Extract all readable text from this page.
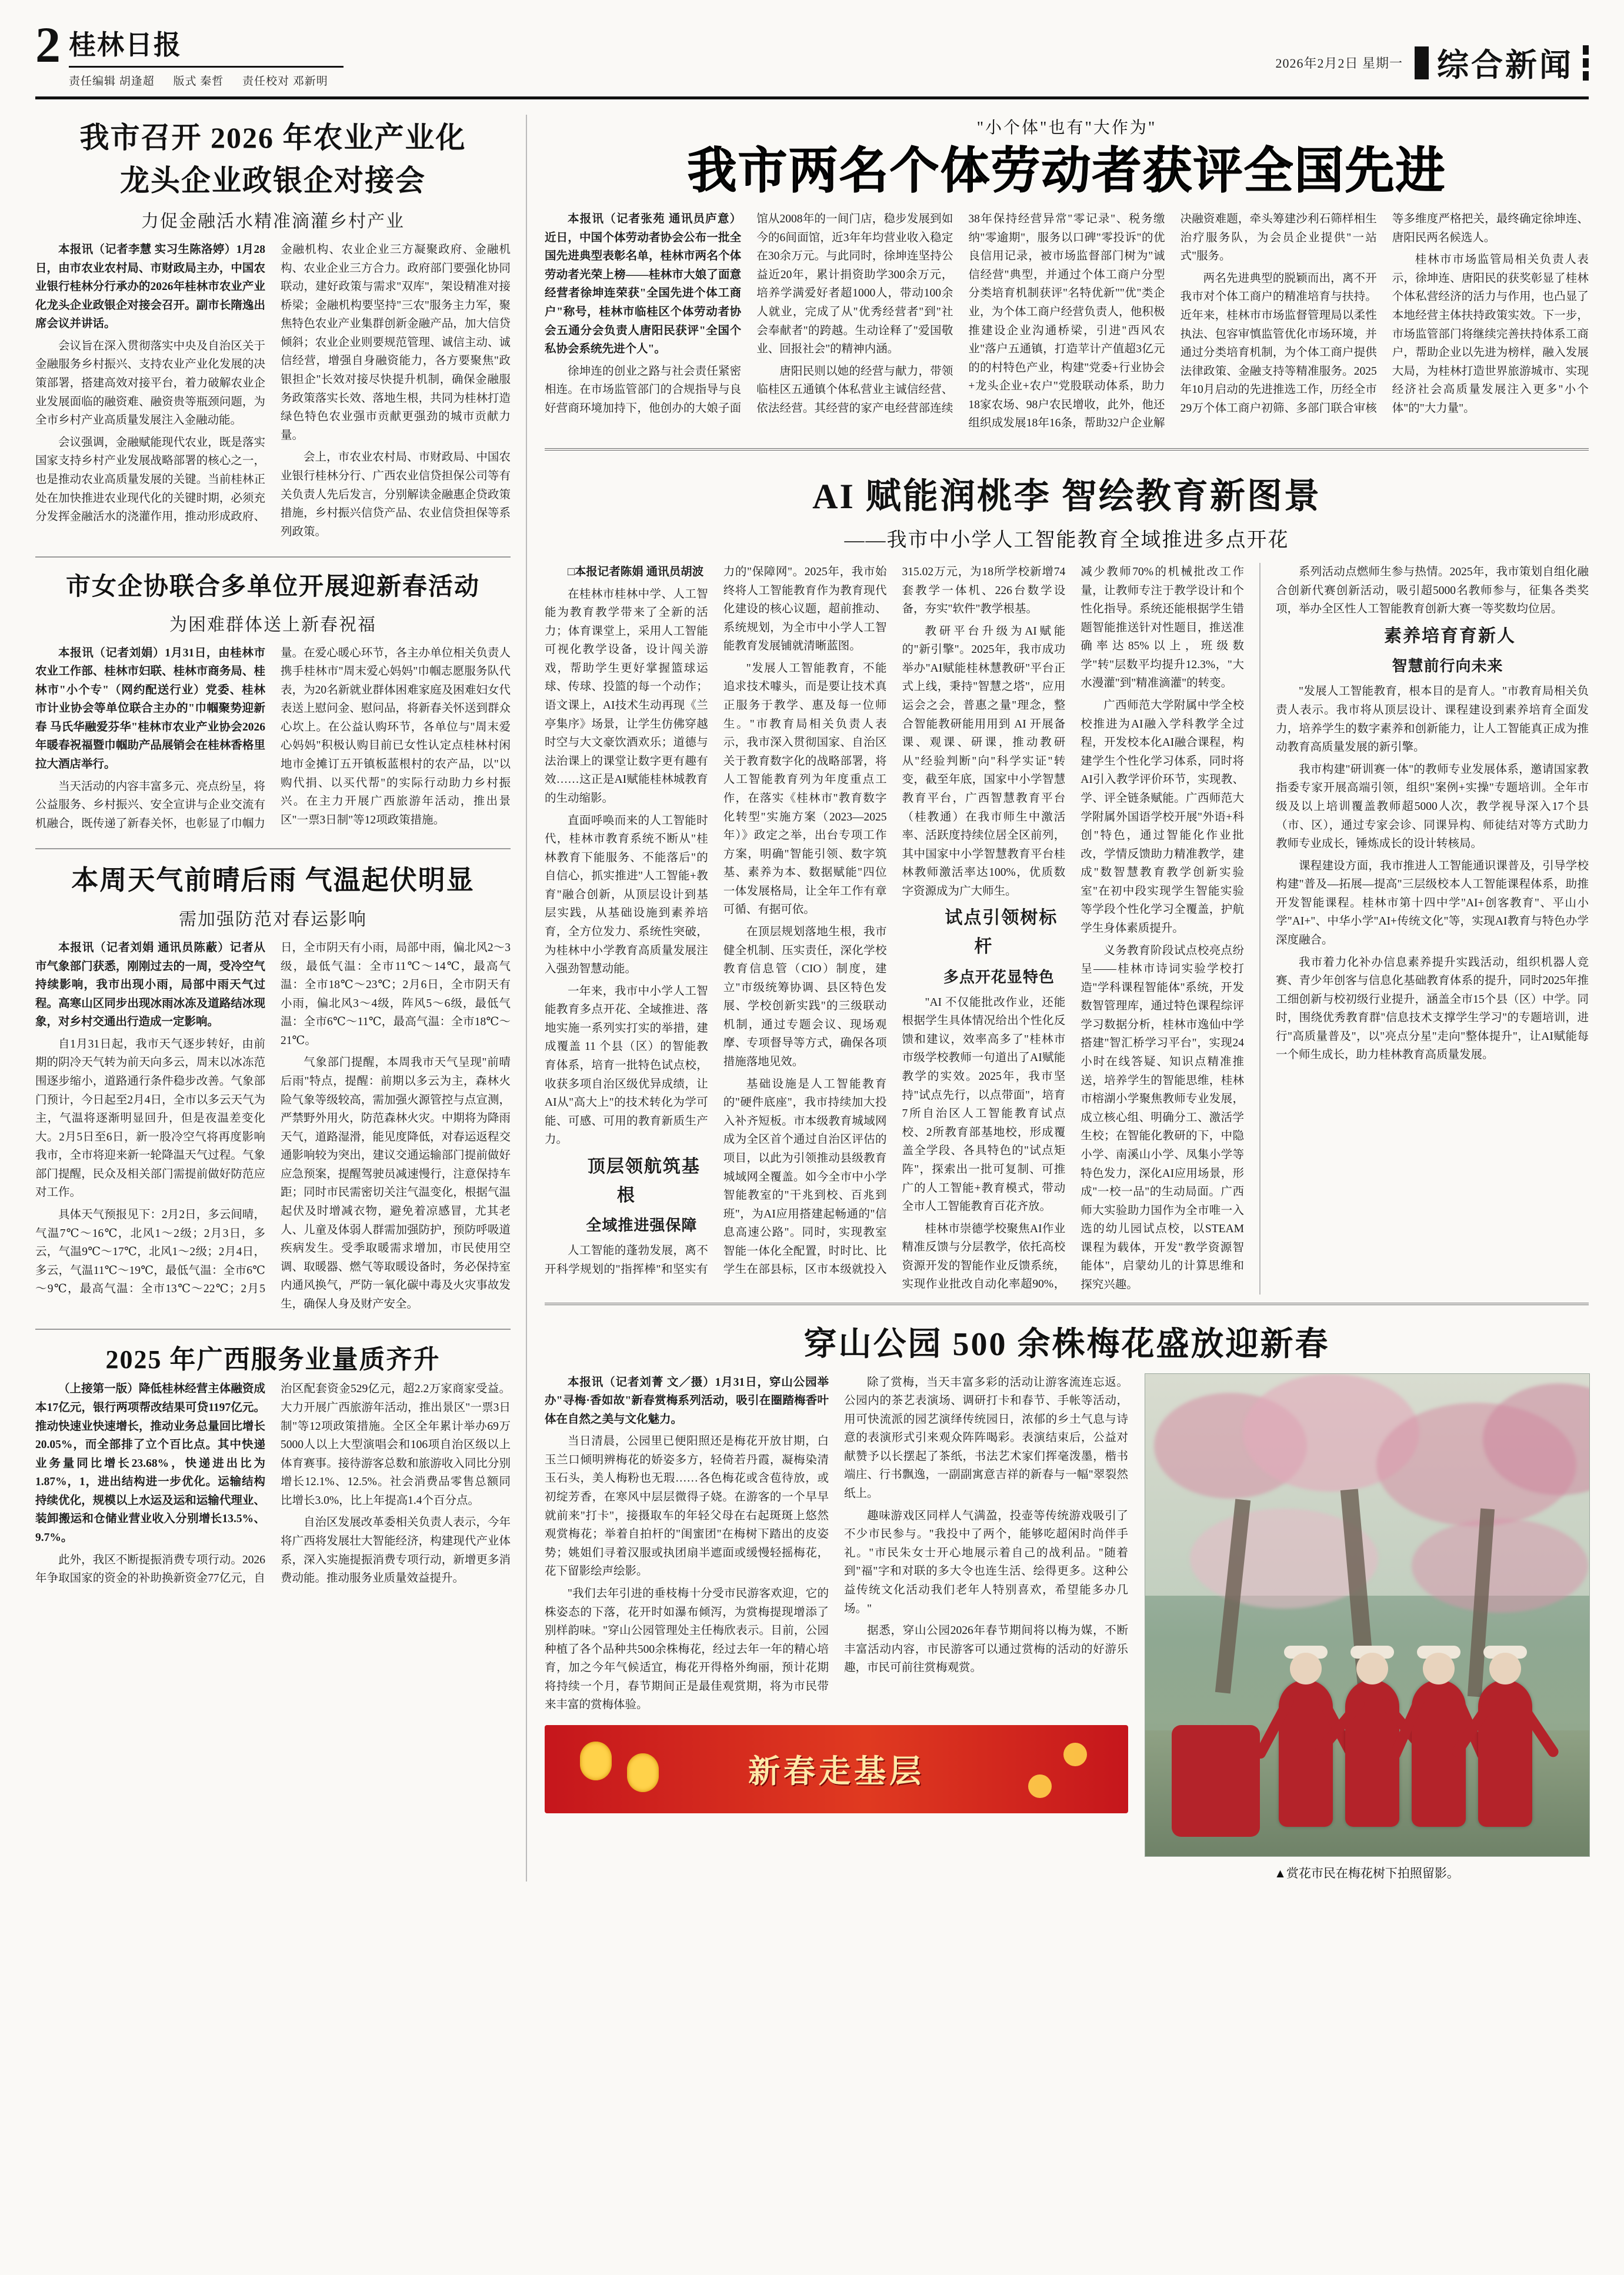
2 桂林日报
责任编辑 胡逢超 版式 秦哲 责任校对 邓新明
2026年2月2日 星期一 综合新闻
我市召开 2026 年农业产业化
龙头企业政银企对接会
力促金融活水精准滴灌乡村产业

本报讯（记者李慧 实习生陈洛婷）1月28日，由市农业农村局、市财政局主办，中国农业银行桂林分行承办的2026年桂林市农业产业化龙头企业政银企对接会召开。副市长隋逸出席会议并讲话。

会议旨在深入贯彻落实中央及自治区关于金融服务乡村振兴、支持农业产业化发展的决策部署，搭建高效对接平台，着力破解农业企业发展面临的融资难、融资贵等瓶颈问题，为全市乡村产业高质量发展注入金融动能。

会议强调，金融赋能现代农业，既是落实国家支持乡村产业发展战略部署的核心之一，也是推动农业高质量发展的关键。当前桂林正处在加快推进农业现代化的关键时期，必须充分发挥金融活水的浇灌作用，推动形成政府、金融机构、农业企业三方凝聚政府、金融机构、农业企业三方合力。政府部门要强化协同联动，建好政策与需求"双库"，架设精准对接桥梁；金融机构要坚持"三农"服务主力军，聚焦特色农业产业集群创新金融产品，加大信贷倾斜；农业企业则要规范管理、诚信主动、诚信经营，增强自身融资能力，各方要聚焦"政银担企"长效对接尽快提升机制，确保金融服务政策落实长效、落地生根，共同为桂林打造绿色特色农业强市贡献更强劲的城市贡献力量。

会上，市农业农村局、市财政局、中国农业银行桂林分行、广西农业信贷担保公司等有关负责人先后发言，分别解读金融惠企贷政策措施，乡村振兴信贷产品、农业信贷担保等系列政策。

市女企协联合多单位开展迎新春活动
为困难群体送上新春祝福

本报讯（记者刘娟）1月31日，由桂林市农业工作部、桂林市妇联、桂林市商务局、桂林市"小个专"（网约配送行业）党委、桂林市计业协会等单位联合主办的"巾帼聚势迎新春 马氏华融爱芬华"桂林市农业产业协会2026年暖春祝福暨巾帼助产品展销会在桂林香格里拉大酒店举行。

当天活动的内容丰富多元、亮点纷呈，将公益服务、乡村振兴、安全宣讲与企业交流有机融合，既传递了新春关怀，也彰显了巾帼力量。在爱心暖心环节，各主办单位相关负责人携手桂林市"周末爱心妈妈"巾帼志愿服务队代表，为20名新就业群体困难家庭及困难妇女代表送上慰问金、慰问品，将新春关怀送到群众心坎上。在公益认购环节，各单位与"周末爱心妈妈"积极认购目前已女性认定点桂林村闲地市金摊订五开镇板蓝根村的农产品，以"以购代捐、以买代帮"的实际行动助力乡村振兴。在主力开展广西旅游年活动，推出景区"一票3日制"等12项政策措施。

本周天气前晴后雨 气温起伏明显
需加强防范对春运影响

本报讯（记者刘娟 通讯员陈蔽）记者从市气象部门获悉，刚刚过去的一周，受冷空气持续影响，我市出现小雨，局部中雨天气过程。高寒山区同步出现冰雨冰冻及道路结冰现象，对乡村交通出行造成一定影响。

自1月31日起，我市天气逐步转好，由前期的阴冷天气转为前天向多云，周末以冰冻范围逐步缩小，道路通行条件稳步改善。气象部门预计，今日起至2月4日，全市以多云天气为主，气温将逐渐明显回升，但是夜温差变化大。2月5日至6日，新一股冷空气将再度影响我市，全市将迎来新一轮降温天气过程。气象部门提醒，民众及相关部门需提前做好防范应对工作。

具体天气预报见下：2月2日，多云间晴，气温7℃～16℃，北风1～2级；2月3日，多云，气温9℃～17℃，北风1～2级；2月4日，多云，气温11℃～19℃，最低气温：全市6℃～9℃，最高气温：全市13℃～22℃；2月5日，全市阴天有小雨，局部中雨，偏北风2～3级，最低气温：全市11℃～14℃，最高气温：全市18℃～23℃；2月6日，全市阴天有小雨，偏北风3～4级，阵风5～6级，最低气温：全市6℃～11℃，最高气温：全市18℃～21℃。

气象部门提醒，本周我市天气呈现"前晴后雨"特点，提醒：前期以多云为主，森林火险气象等级较高，需加强火源管控与点宣测，严禁野外用火，防范森林火灾。中期将为降雨天气，道路湿滑，能见度降低，对春运返程交通影响较为突出，建议交通运输部门提前做好应急预案，提醒驾驶员减速慢行，注意保持车距；同时市民需密切关注气温变化，根据气温起伏及时增减衣物，避免着凉感冒，尤其老人、儿童及体弱人群需加强防护，预防呼吸道疾病发生。受季取暖需求增加，市民使用空调、取暖器、燃气等取暖设备时，务必保持室内通风换气，严防一氧化碳中毒及火灾事故发生，确保人身及财产安全。

2025 年广西服务业量质齐升

（上接第一版）降低桂林经营主体融资成本17亿元，银行两项帮改结果可贷1197亿元。推动快速业快速增长，推动业务总量回比增长20.05%，而全部排了立个百比点。其中快递业务量同比增长23.68%，快递进出比为1.87%，1，进出结构进一步优化。运输结构持续优化，规模以上水运及运和运输代理业、装卸搬运和仓储业营业收入分别增长13.5%、9.7%。

此外，我区不断提振消费专项行动。2026年争取国家的资金的补助换新资金77亿元，自治区配套资金529亿元，超2.2万家商家受益。大力开展广西旅游年活动，推出景区"一票3日制"等12项政策措施。全区全年累计举办69万5000人以上大型演唱会和106项自治区级以上体育赛事。接待游客总数和旅游收入同比分别增长12.1%、12.5%。社会消费品零售总额同比增长3.0%，比上年提高1.4个百分点。

自治区发展改革委相关负责人表示，今年将广西将发展壮大智能经济，构建现代产业体系，深入实施提振消费专项行动，新增更多消费动能。推动服务业质量效益提升。

"小个体"也有"大作为"
我市两名个体劳动者获评全国先进

本报讯（记者张苑 通讯员庐意）近日，中国个体劳动者协会公布一批全国先进典型表彰名单，桂林市两名个体劳动者光荣上榜——桂林市大娘了面意经营者徐坤连荣获"全国先进个体工商户"称号，桂林市临桂区个体劳动者协会五通分会负责人唐阳民获评"全国个私协会系统先进个人"。

徐坤连的创业之路与社会责任紧密相连。在市场监管部门的合规指导与良好营商环境加持下，他创办的大娘子面馆从2008年的一间门店，稳步发展到如今的6间面馆，近3年年均营业收入稳定在30余万元。与此同时，徐坤连坚持公益近20年，累计捐资助学300余万元，培养学满爱好者超1000人，带动100余人就业，完成了从"优秀经营者"到"社会奉献者"的跨越。生动诠释了"爱国敬业、回报社会"的精神内涵。

唐阳民则以她的经营与献力，带领临桂区五通镇个体私营业主诚信经营、依法经营。其经营的家产电经营部连续38年保持经营异常"零记录"、税务缴纳"零逾期"，服务以口碑"零投诉"的优良信用记录，被市场监督部门树为"诚信经营"典型，并通过个体工商户分型分类培育机制获评"名特优新""优"类企业，为个体工商户经营负责人，他积极推建设企业沟通桥梁，引进"西风农业"落户五通镇，打造苹计产值超3亿元的的村特色产业，构建"党委+行业协会+龙头企业+农户"党股联动体系，助力18家农场、98户农民增收，此外，他还组织成发展18年16条，帮助32户企业解决融资难题，牵头筹建沙利石筛样相生治疗服务队，为会员企业提供"一站式"服务。

两名先进典型的脱颖而出，离不开我市对个体工商户的精准培育与扶持。近年来，桂林市市场监督管理局以柔性执法、包容审慎监管优化市场环境，并通过分类培育机制，为个体工商户提供法律政策、金融支持等精准服务。2025年10月启动的先进推选工作，历经全市29万个体工商户初筛、多部门联合审核等多维度严格把关，最终确定徐坤连、唐阳民两名候选人。

桂林市市场监管局相关负责人表示，徐坤连、唐阳民的获奖彰显了桂林个体私营经济的活力与作用，也凸显了本地经营主体扶持政策实效。下一步，市场监管部门将继续完善扶持体系工商户，帮助企业以先进为榜样，融入发展大局，为桂林打造世界旅游城市、实现经济社会高质量发展注入更多"小个体"的"大力量"。

AI 赋能润桃李 智绘教育新图景
——我市中小学人工智能教育全域推进多点开花

□本报记者陈娟 通讯员胡波

在桂林市桂林中学、人工智能为教育教学带来了全新的活力；体育课堂上，采用人工智能可视化教学设备，设计闯关游戏，帮助学生更好掌握篮球运球、传球、投篮的每一个动作；语文课上，AI技术生动再现《兰亭集序》场景，让学生仿佛穿越时空与大文豪饮酒欢乐；道德与法治课上的课堂让数字更有趣有效……这正是AI赋能桂林城教育的生动缩影。

直面呼唤而来的人工智能时代，桂林市教育系统不断从"桂林教育下能服务、不能落后"的自信心，抓实推进"人工智能+教育"融合创新，从顶层设计到基层实践，从基础设施到素养培育，全方位发力、系统性突破，为桂林中小学教育高质量发展注入强劲智慧动能。

一年来，我市中小学人工智能教育多点开花、全域推进、落地实施一系列实打实的举措，建成覆盖 11 个县（区）的智能教育体系，培育一批特色试点校，收获多项自治区级优异成绩，让AI从"高大上"的技术转化为学可能、可感、可用的教育新质生产力。

顶层领航筑基根

全域推进强保障

人工智能的蓬勃发展，离不开科学规划的"指挥棒"和坚实有力的"保障网"。2025年，我市始终将人工智能教育作为教育现代化建设的核心议题，超前推动、系统规划，为全市中小学人工智能教育发展铺就清晰蓝图。

"发展人工智能教育，不能追求技术噱头，而是要让技术真正服务于教学、惠及每一位师生。"市教育局相关负责人表示，我市深入贯彻国家、自治区关于教育数字化的战略部署，将人工智能教育列为年度重点工作，在落实《桂林市"教育数字化转型"实施方案（2023—2025年）》政定之举，出台专项工作方案，明确"智能引领、数字筑基、素养为本、数据赋能"四位一体发展格局，让全年工作有章可循、有据可依。

在顶层规划落地生根，我市健全机制、压实责任，深化学校教育信息管（CIO）制度，建立"市级统筹协调、县区特色发展、学校创新实践"的三级联动机制，通过专题会议、现场观摩、专项督导等方式，确保各项措施落地见效。

基础设施是人工智能教育的"硬件底座"，我市持续加大投入补齐短板。市本级教育城域网成为全区首个通过自治区评估的项目，以此为引领推动县级教育城域网全覆盖。如今全市中小学智能教室的"干兆到校、百兆到班"，为AI应用搭建起畅通的"信息高速公路"。同时，实现教室智能一体化全配置，时时比、比学生在部县标，区市本级就投入315.02万元，为18所学校新增74套教学一体机、226台数学设备，夯实"软件"教学根基。

教研平台升级为AI赋能的"新引擎"。2025年，我市成功举办"AI赋能桂林慧教研"平台正式上线，秉持"智慧之塔"，应用运会之会，普惠之量"理念，整合智能教研能用用到 AI 开展备课、观课、研课，推动教研从"经验判断"向"科学实证"转变，截至年底，国家中小学智慧教育平台，广西智慧教育平台（桂教通）在我市师生中激活率、活跃度持续位居全区前列，其中国家中小学智慧教育平台桂林教师激活率达100%，优质数字资源成为广大师生。

试点引领树标杆

多点开花显特色

"AI 不仅能批改作业，还能根据学生具体情况给出个性化反馈和建议，效率高多了"桂林市市级学校教师一句道出了AI赋能教学的实效。2025年，我市坚持"试点先行，以点带面"，培育7所自治区人工智能教育试点校、2所教育部基地校，形成覆盖全学段、各具特色的"试点矩阵"，探索出一批可复制、可推广的人工智能+教育模式，带动全市人工智能教育百花齐放。

桂林市崇德学校聚焦AI作业精准反馈与分层教学，依托高校资源开发的智能作业反馈系统，实现作业批改自动化率超90%，减少教师70%的机械批改工作量，让教师专注于教学设计和个性化指导。系统还能根据学生错题智能推送针对性题目，推送准确率达85%以上，班级数学"转"层数平均提升12.3%，"大水漫灌"到"精准滴灌"的转变。

广西师范大学附属中学全校校推进为AI融入学科教学全过程，开发校本化AI融合课程，构建学生个性化学习体系，同时将AI引入教学评价环节，实现教、学、评全链条赋能。广西师范大学附属外国语学校开展"外语+科创"特色，通过智能化作业批改，学情反馈助力精准教学，建成"数智慧教育教学创新实验室"在初中段实现学生智能实验等学段个性化学习全覆盖，护航学生身体素质提升。

义务教育阶段试点校亮点纷呈——桂林市诗词实验学校打造"学科课程智能体"系统，开发数智管理库，通过特色课程综评学习数据分析，桂林市逸仙中学搭建"智汇桥学习平台"，实现24小时在线答疑、知识点精准推送，培养学生的智能思维，桂林市榕湖小学聚焦教师专业发展，成立核心组、明确分工、激活学生校；在智能化教研的下，中隐小学、南溪山小学、凤集小学等特色发力，深化AI应用场景，形成"一校一品"的生动局面。广西师大实验助力国作为全市唯一入选的幼儿园试点校，以STEAM课程为载体，开发"教学资源智能体"，启蒙幼儿的计算思维和探究兴趣。

系列活动点燃师生参与热情。2025年，我市策划自组化融合创新代赛创新活动，吸引超5000名教师参与，征集各类奖项，举办全区性人工智能教育创新大赛一等奖数均位居。

素养培育育新人

智慧前行向未来

"发展人工智能教育，根本目的是育人。"市教育局相关负责人表示。我市将从顶层设计、课程建设到素养培育全面发力，培养学生的数字素养和创新能力，让人工智能真正成为推动教育高质量发展的新引擎。

我市构建"研训赛一体"的教师专业发展体系，邀请国家教指委专家开展高端引领，组织"案例+实操"专题培训。全年市级及以上培训覆盖教师超5000人次，教学视导深入17个县（市、区），通过专家会诊、同课异构、师徒结对等方式助力教师专业成长，锤炼成长的设计转核局。

课程建设方面，我市推进人工智能通识课普及，引导学校构建"普及—拓展—提高"三层级校本人工智能课程体系，助推开发智能课程。桂林市第十四中学"AI+创客教育"、平山小学"AI+"、中华小学"AI+传统文化"等，实现AI教育与特色办学深度融合。

我市着力化补办信息素养提升实践活动，组织机器人竞赛、青少年创客与信息化基础教育体系的提升，同时2025年推工细创新与校初级行业提升，涵盖全市15个县（区）中学。同时，围绕优秀教育群"信息技术支撑学生学习"的专题培训，进行"高质量普及"，以"亮点分星"走向"整体提升"，让AI赋能每一个师生成长，助力桂林教育高质量发展。

穿山公园 500 余株梅花盛放迎新春

本报讯（记者刘菁 文／摄）1月31日，穿山公园举办"寻梅·香如故"新春赏梅系列活动，吸引在圈踏梅香叶体在自然之美与文化魅力。

当日清晨，公园里已便阳照还是梅花开放甘期，白玉兰口倾明辨梅花的娇姿多方，轻倚若丹霞，凝梅染清玉石头，美人梅粉也无瑕……各色梅花或含苞待放，或初绽芳香，在寒风中层层微得子娆。在游客的一个早早就前来"打卡"，接摄取车的年轻父母在右起斑斑上悠然观赏梅花；举着自拍杆的"闺蜜团"在梅树下踏出的皮姿势；姚姐们寻着汉服或执团扇半遮面或缓慢轻摇梅花，花下留影绘声绘影。

"我们去年引进的垂枝梅十分受市民游客欢迎，它的株姿态的下落，花开时如瀑布倾泻，为赏梅提现增添了别样韵味。"穿山公园管理处主任梅欣表示。目前，公园种植了各个品种共500余株梅花，经过去年一年的精心培育，加之今年气候适宜，梅花开得格外绚丽，预计花期将持续一个月，春节期间正是最佳观赏期，将为市民带来丰富的赏梅体验。

除了赏梅，当天丰富多彩的活动让游客流连忘返。公园内的茶艺表演场、调研打卡和春节、手帐等活动，用可快流派的园艺演绎传统园日，浓郁的乡土气息与诗意的表演形式引来观众阵阵喝彩。表演结束后，公益对献赞予以长摆起了茶纸，书法艺术家们挥毫泼墨，楷书端庄、行书飘逸，一副副寓意吉祥的新春与一幅"翠裂然纸上。

趣味游戏区同样人气满盈，投壶等传统游戏吸引了不少市民参与。"我投中了两个，能够吃超闲时尚伴手礼。"市民朱女士开心地展示着自己的战利品。"随着到"福"字和对联的多大令也连生活、绘得更多。这种公益传统文化活动我们老年人特别喜欢，希望能多办几场。"

据悉，穿山公园2026年春节期间将以梅为媒，不断丰富活动内容，市民游客可以通过赏梅的活动的好游乐趣，市民可前往赏梅观赏。

新春走基层
▲赏花市民在梅花树下拍照留影。
